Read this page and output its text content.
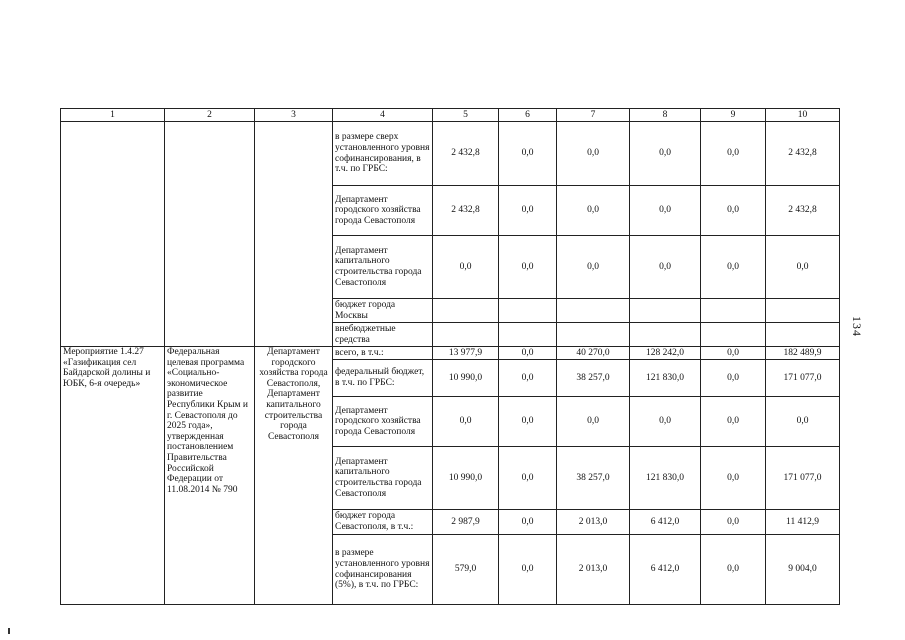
134
1	2	3	4	5	6	7	8	9	10
			в размере сверх установленного уровня софинансирования, в т.ч. по ГРБС:	2 432,8	0,0	0,0	0,0	0,0	2 432,8
			Департамент городского хозяйства города Севастополя	2 432,8	0,0	0,0	0,0	0,0	2 432,8
			Департамент капитального строительства города Севастополя	0,0	0,0	0,0	0,0	0,0	0,0
			бюджет города Москвы						
			внебюджетные средства						
Мероприятие 1.4.27 «Газификация сел Байдарской долины и ЮБК, 6-я очередь»	Федеральная целевая программа «Социально-экономическое развитие Республики Крым и г. Севастополя до 2025 года», утвержденная постановлением Правительства Российской Федерации от 11.08.2014 № 790	Департамент городского хозяйства города Севастополя, Департамент капитального строительства города Севастополя	всего, в т.ч.:	13 977,9	0,0	40 270,0	128 242,0	0,0	182 489,9
			федеральный бюджет, в т.ч. по ГРБС:	10 990,0	0,0	38 257,0	121 830,0	0,0	171 077,0
			Департамент городского хозяйства города Севастополя	0,0	0,0	0,0	0,0	0,0	0,0
			Департамент капитального строительства города Севастополя	10 990,0	0,0	38 257,0	121 830,0	0,0	171 077,0
			бюджет города Севастополя, в т.ч.:	2 987,9	0,0	2 013,0	6 412,0	0,0	11 412,9
			в размере установленного уровня софинансирования (5%), в т.ч. по ГРБС:	579,0	0,0	2 013,0	6 412,0	0,0	9 004,0
